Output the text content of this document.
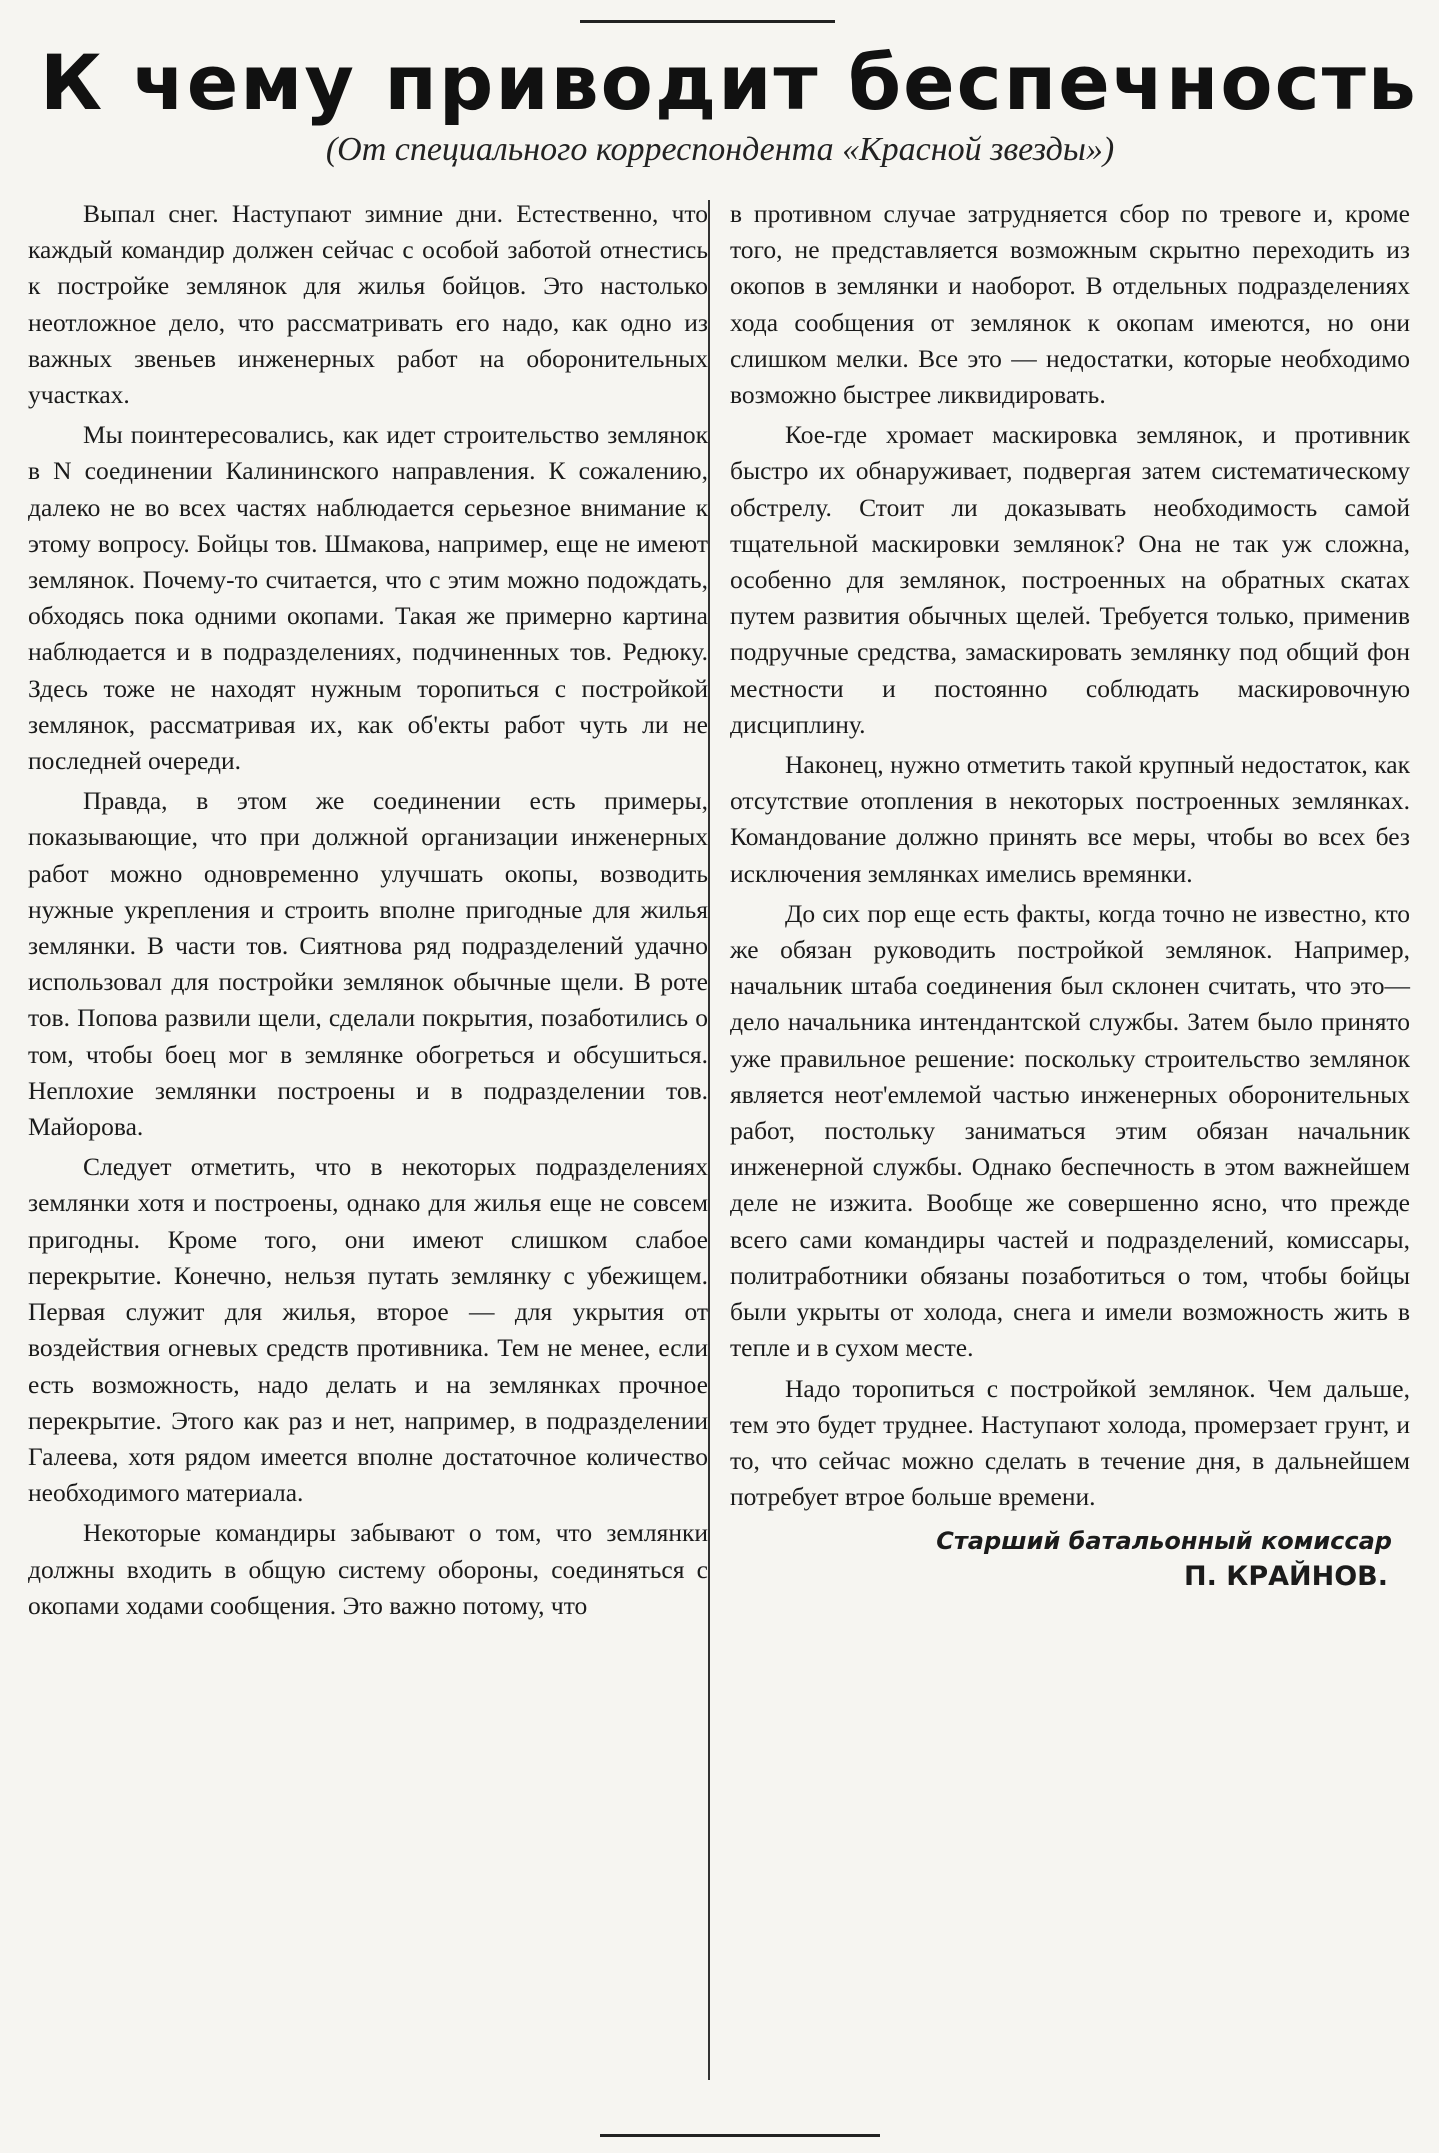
К чему приводит беспечность
(От специального корреспондента «Красной звезды»)

Выпал снег. Наступают зимние дни. Естественно, что каждый командир должен сейчас с особой заботой отнестись к постройке землянок для жилья бойцов. Это настолько неотложное дело, что рассматривать его надо, как одно из важных звеньев инженерных работ на оборонительных участках.

Мы поинтересовались, как идет строительство землянок в N соединении Калининского направления. К сожалению, далеко не во всех частях наблюдается серьезное внимание к этому вопросу. Бойцы тов. Шмакова, например, еще не имеют землянок. Почему-то считается, что с этим можно подождать, обходясь пока одними окопами. Такая же примерно картина наблюдается и в подразделениях, подчиненных тов. Редюку. Здесь тоже не находят нужным торопиться с постройкой землянок, рассматривая их, как об'екты работ чуть ли не последней очереди.

Правда, в этом же соединении есть примеры, показывающие, что при должной организации инженерных работ можно одновременно улучшать окопы, возводить нужные укрепления и строить вполне пригодные для жилья землянки. В части тов. Сиятнова ряд подразделений удачно использовал для постройки землянок обычные щели. В роте тов. Попова развили щели, сделали покрытия, позаботились о том, чтобы боец мог в землянке обогреться и обсушиться. Неплохие землянки построены и в подразделении тов. Майорова.

Следует отметить, что в некоторых подразделениях землянки хотя и построены, однако для жилья еще не совсем пригодны. Кроме того, они имеют слишком слабое перекрытие. Конечно, нельзя путать землянку с убежищем. Первая служит для жилья, второе — для укрытия от воздействия огневых средств противника. Тем не менее, если есть возможность, надо делать и на землянках прочное перекрытие. Этого как раз и нет, например, в подразделении Галеева, хотя рядом имеется вполне достаточное количество необходимого материала.

Некоторые командиры забывают о том, что землянки должны входить в общую систему обороны, соединяться с окопами ходами сообщения. Это важно потому, что

в противном случае затрудняется сбор по тревоге и, кроме того, не представляется возможным скрытно переходить из окопов в землянки и наоборот. В отдельных подразделениях хода сообщения от землянок к окопам имеются, но они слишком мелки. Все это — недостатки, которые необходимо возможно быстрее ликвидировать.

Кое-где хромает маскировка землянок, и противник быстро их обнаруживает, подвергая затем систематическому обстрелу. Стоит ли доказывать необходимость самой тщательной маскировки землянок? Она не так уж сложна, особенно для землянок, построенных на обратных скатах путем развития обычных щелей. Требуется только, применив подручные средства, замаскировать землянку под общий фон местности и постоянно соблюдать маскировочную дисциплину.

Наконец, нужно отметить такой крупный недостаток, как отсутствие отопления в некоторых построенных землянках. Командование должно принять все меры, чтобы во всех без исключения землянках имелись времянки.

До сих пор еще есть факты, когда точно не известно, кто же обязан руководить постройкой землянок. Например, начальник штаба соединения был склонен считать, что это—дело начальника интендантской службы. Затем было принято уже правильное решение: поскольку строительство землянок является неот'емлемой частью инженерных оборонительных работ, постольку заниматься этим обязан начальник инженерной службы. Однако беспечность в этом важнейшем деле не изжита. Вообще же совершенно ясно, что прежде всего сами командиры частей и подразделений, комиссары, политработники обязаны позаботиться о том, чтобы бойцы были укрыты от холода, снега и имели возможность жить в тепле и в сухом месте.

Надо торопиться с постройкой землянок. Чем дальше, тем это будет труднее. Наступают холода, промерзает грунт, и то, что сейчас можно сделать в течение дня, в дальнейшем потребует втрое больше времени.

Старший батальонный комиссар
П. КРАЙНОВ.
